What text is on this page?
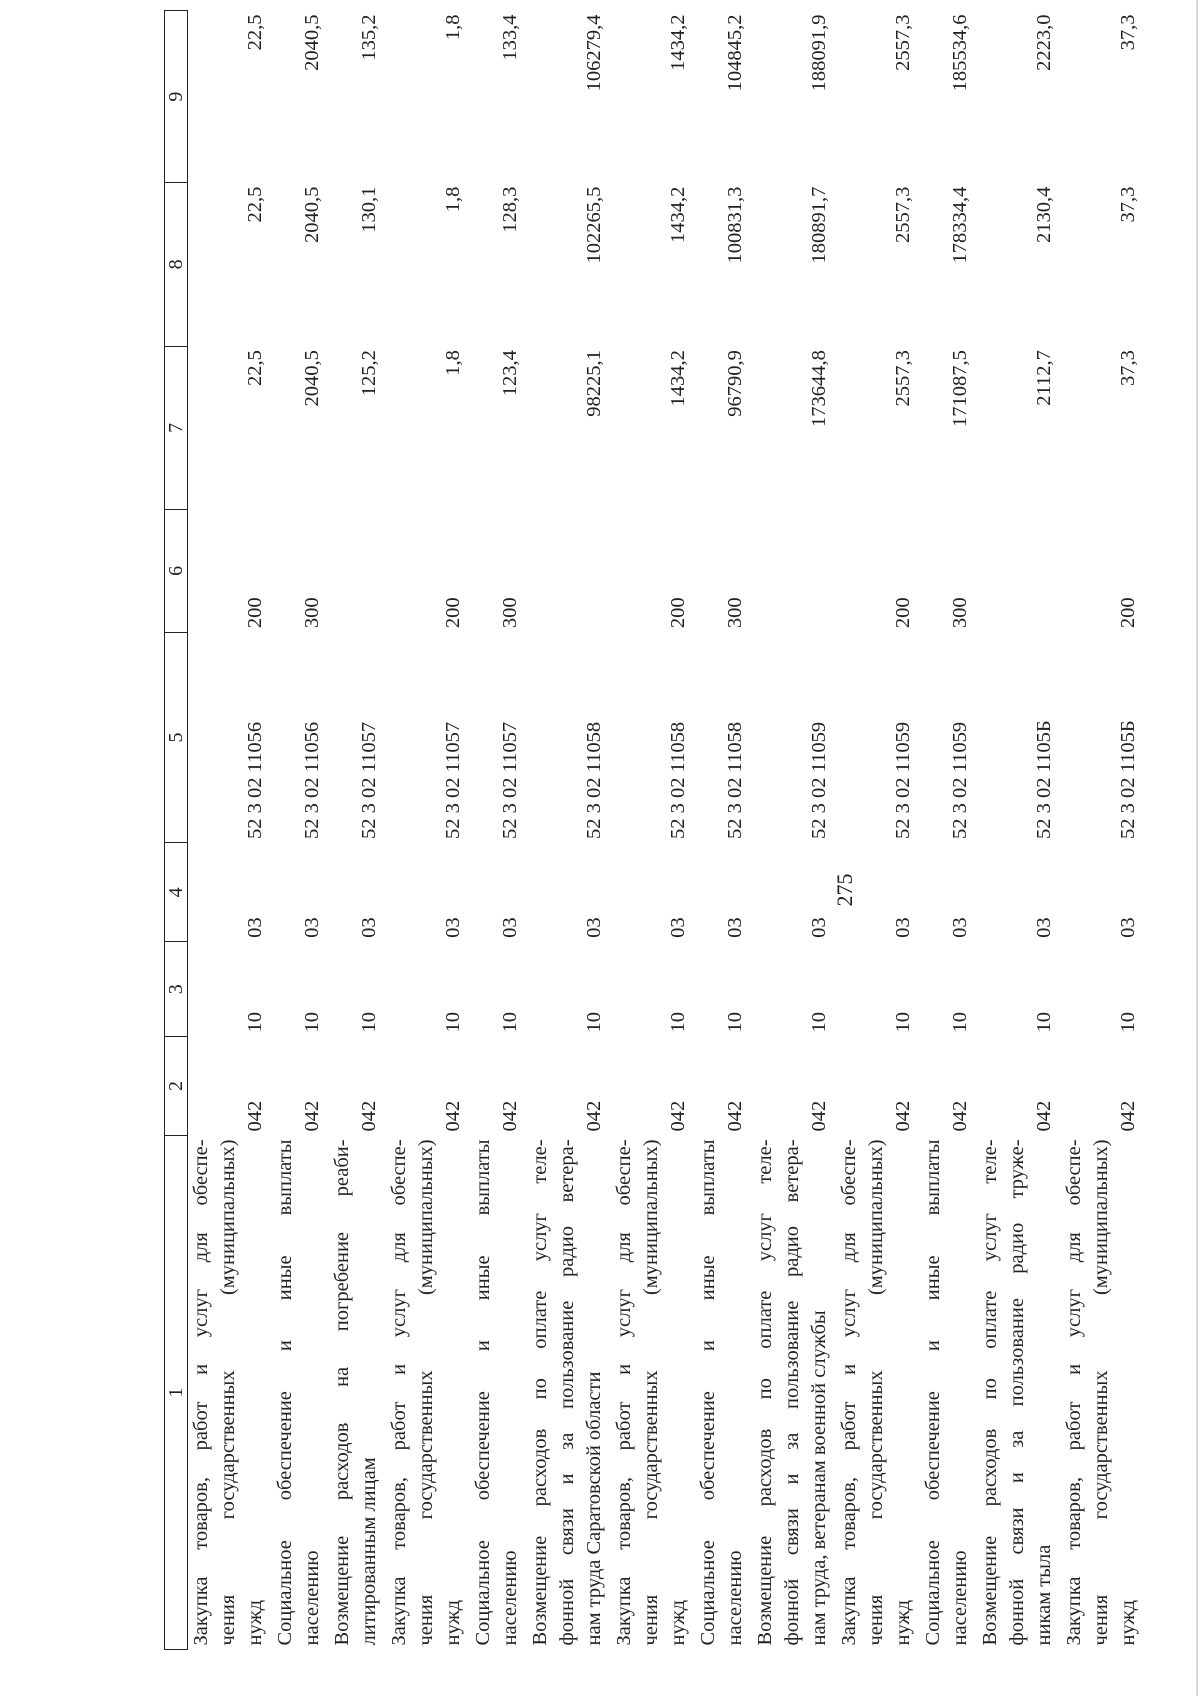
275
1	2	3	4	5	6	7	8	9

Закупка товаров, работ и услуг для обеспе- чения государственных (муниципальных) нужд	042	10	03	52 3 02 11056	200	22,5	22,5	22,5

Социальное обеспечение и иные выплаты населению	042	10	03	52 3 02 11056	300	2040,5	2040,5	2040,5

Возмещение расходов на погребение реаби- литированным лицам	042	10	03	52 3 02 11057		125,2	130,1	135,2

Закупка товаров, работ и услуг для обеспе- чения государственных (муниципальных) нужд	042	10	03	52 3 02 11057	200	1,8	1,8	1,8

Социальное обеспечение и иные выплаты населению	042	10	03	52 3 02 11057	300	123,4	128,3	133,4

Возмещение расходов по оплате услуг теле- фонной связи и за пользование радио ветера- нам труда Саратовской области	042	10	03	52 3 02 11058		98225,1	102265,5	106279,4

Закупка товаров, работ и услуг для обеспе- чения государственных (муниципальных) нужд	042	10	03	52 3 02 11058	200	1434,2	1434,2	1434,2

Социальное обеспечение и иные выплаты населению	042	10	03	52 3 02 11058	300	96790,9	100831,3	104845,2

Возмещение расходов по оплате услуг теле- фонной связи и за пользование радио ветера- нам труда, ветеранам военной службы	042	10	03	52 3 02 11059		173644,8	180891,7	188091,9

Закупка товаров, работ и услуг для обеспе- чения государственных (муниципальных) нужд	042	10	03	52 3 02 11059	200	2557,3	2557,3	2557,3

Социальное обеспечение и иные выплаты населению	042	10	03	52 3 02 11059	300	171087,5	178334,4	185534,6

Возмещение расходов по оплате услуг теле- фонной связи и за пользование радио труже- никам тыла	042	10	03	52 3 02 1105Б		2112,7	2130,4	2223,0

Закупка товаров, работ и услуг для обеспе- чения государственных (муниципальных) нужд	042	10	03	52 3 02 1105Б	200	37,3	37,3	37,3
